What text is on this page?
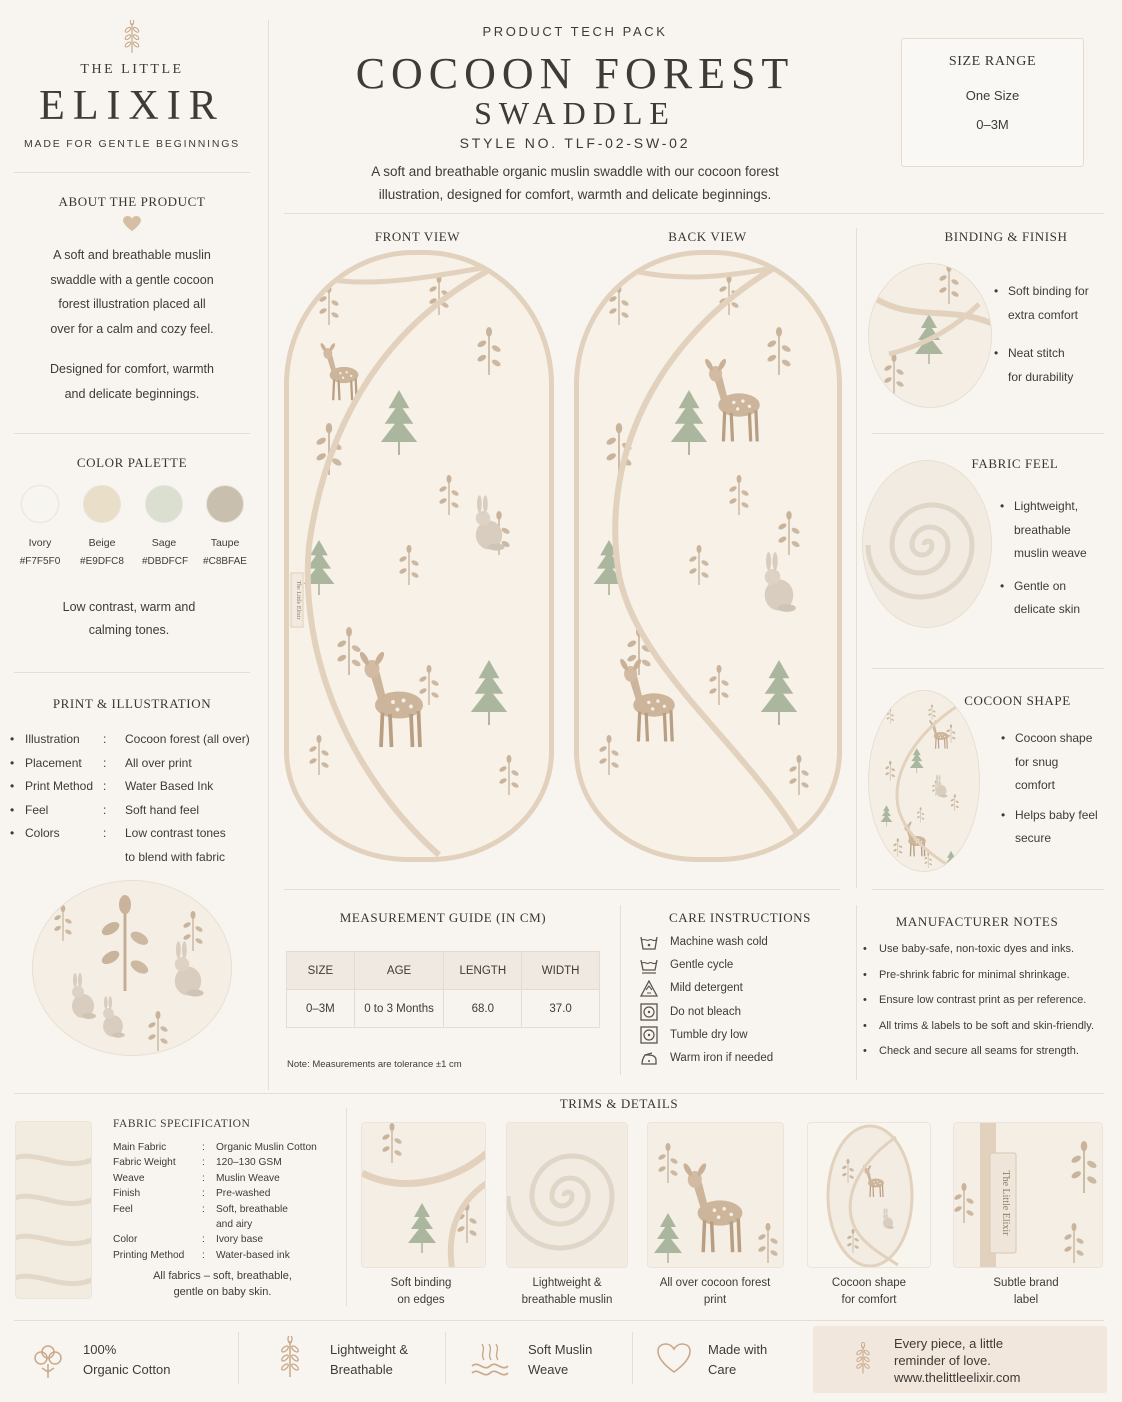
THE LITTLE
ELIXIR
MADE FOR GENTLE BEGINNINGS
ABOUT THE PRODUCT
A soft and breathable muslin
swaddle with a gentle cocoon
forest illustration placed all
over for a calm and cozy feel.
Designed for comfort, warmth
and delicate beginnings.
COLOR PALETTE
Ivory
#F7F5F0
Beige
#E9DFC8
Sage
#DBDFCF
Taupe
#C8BFAE
Low contrast, warm and
calming tones.
PRINT & ILLUSTRATION
• Illustration	:	Cocoon forest (all over)
• Placement	:	All over print
• Print Method :	Water Based Ink
• Feel	:	Soft hand feel
• Colors	:	Low contrast tones
to blend with fabric
PRODUCT TECH PACK
COCOON FOREST
SWADDLE
STYLE NO. TLF-02-SW-02
A soft and breathable organic muslin swaddle with our cocoon forest
illustration, designed for comfort, warmth and delicate beginnings.
SIZE RANGE
One Size
0–3M
FRONT VIEW	BACK VIEW
The Little Elixir
BINDING & FINISH
• Soft binding for
extra comfort
• Neat stitch
for durability
FABRIC FEEL
• Lightweight,
breathable
muslin weave
• Gentle on
delicate skin
COCOON SHAPE
• Cocoon shape
for snug
comfort
• Helps baby feel
secure
MEASUREMENT GUIDE (IN CM)
SIZE	AGE	LENGTH	WIDTH
0–3M	0 to 3 Months	68.0	37.0
Note: Measurements are tolerance ±1 cm
CARE INSTRUCTIONS
Machine wash cold
Gentle cycle
Mild detergent
Do not bleach
Tumble dry low
Warm iron if needed
MANUFACTURER NOTES
•	Use baby-safe, non-toxic dyes and inks.
•	Pre-shrink fabric for minimal shrinkage.
•	Ensure low contrast print as per reference.
•	All trims & labels to be soft and skin-friendly.
•	Check and secure all seams for strength.
FABRIC SPECIFICATION
Main Fabric	:	Organic Muslin Cotton
Fabric Weight	:	120–130 GSM
Weave	:	Muslin Weave
Finish	:	Pre-washed
Feel	:	Soft, breathable
and airy
Color	:	Ivory base
Printing Method	:	Water-based ink
All fabrics – soft, breathable,
gentle on baby skin.
TRIMS & DETAILS
The Little Elixir
Soft binding
on edges
Lightweight &
breathable muslin
All over cocoon forest
print
Cocoon shape
for comfort
Subtle brand
label
100%
Organic Cotton
Lightweight &
Breathable
Soft Muslin
Weave
Made with
Care
Every piece, a little
reminder of love.
www.thelittleelixir.com
